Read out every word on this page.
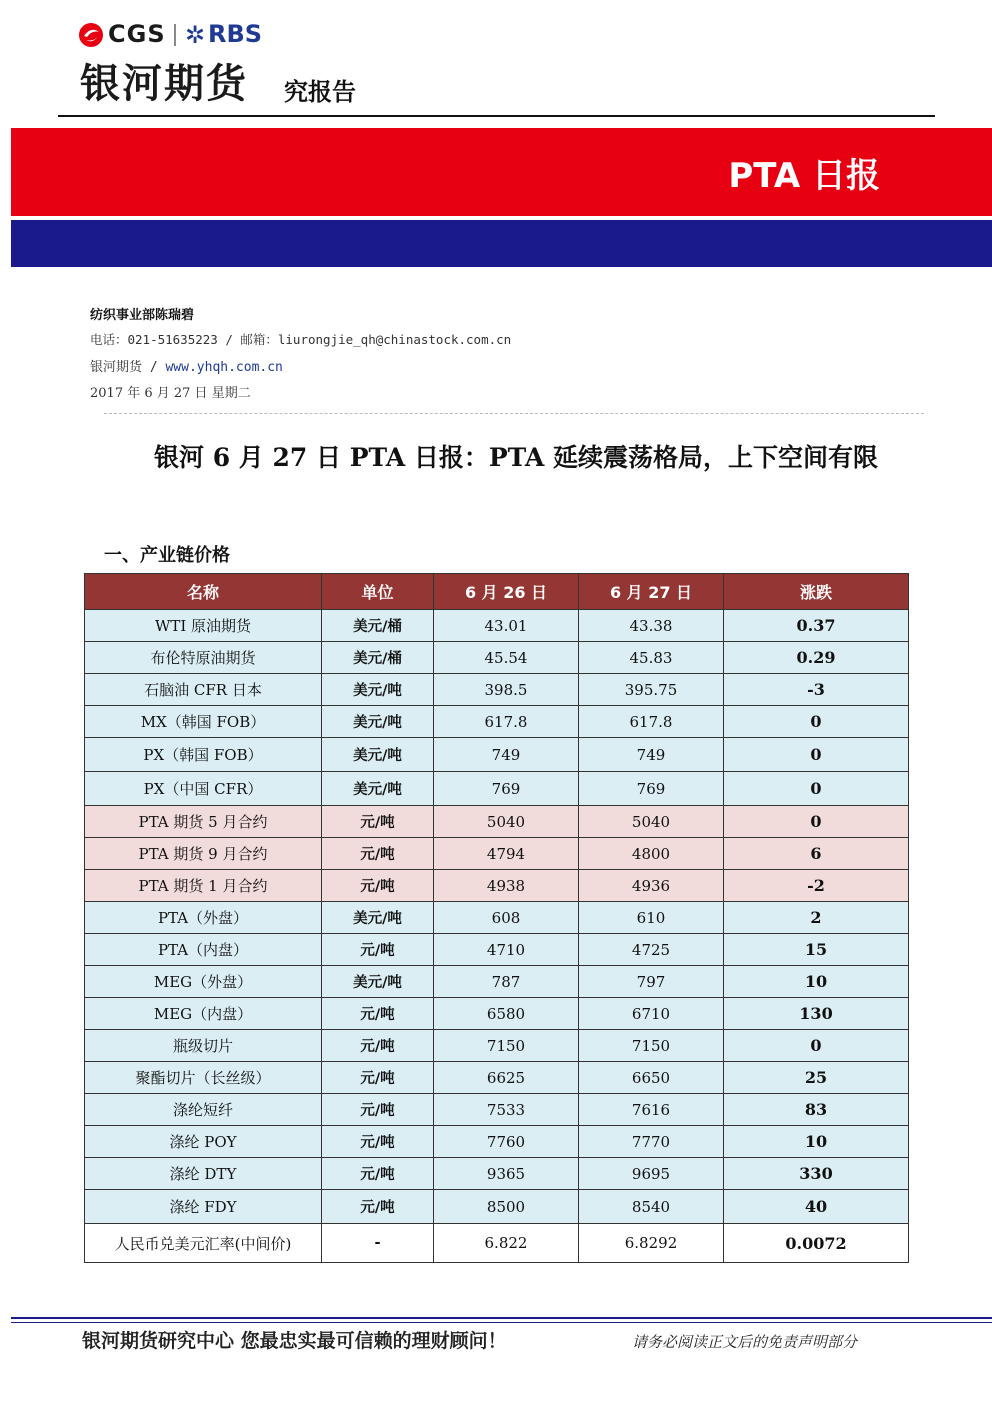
CGS ✲ RBS
银河期货 究报告
PTA 日报
纺织事业部陈瑞碧
电话：021-51635223 / 邮箱：liurongjie_qh@chinastock.com.cn
银河期货 / www.yhqh.com.cn
2017 年 6 月 27 日 星期二
银河 6 月 27 日 PTA 日报：PTA 延续震荡格局，上下空间有限
一、产业链价格
名称	单位	6 月 26 日	6 月 27 日	涨跌
WTI 原油期货	美元/桶	43.01	43.38	0.37
布伦特原油期货	美元/桶	45.54	45.83	0.29
石脑油 CFR 日本	美元/吨	398.5	395.75	-3
MX（韩国 FOB）	美元/吨	617.8	617.8	0
PX（韩国 FOB）	美元/吨	749	749	0
PX（中国 CFR）	美元/吨	769	769	0
PTA 期货 5 月合约	元/吨	5040	5040	0
PTA 期货 9 月合约	元/吨	4794	4800	6
PTA 期货 1 月合约	元/吨	4938	4936	-2
PTA（外盘）	美元/吨	608	610	2
PTA（内盘）	元/吨	4710	4725	15
MEG（外盘）	美元/吨	787	797	10
MEG（内盘）	元/吨	6580	6710	130
瓶级切片	元/吨	7150	7150	0
聚酯切片（长丝级）	元/吨	6625	6650	25
涤纶短纤	元/吨	7533	7616	83
涤纶 POY	元/吨	7760	7770	10
涤纶 DTY	元/吨	9365	9695	330
涤纶 FDY	元/吨	8500	8540	40
人民币兑美元汇率(中间价)	-	6.822	6.8292	0.0072
银河期货研究中心 您最忠实最可信赖的理财顾问！	请务必阅读正文后的免责声明部分
